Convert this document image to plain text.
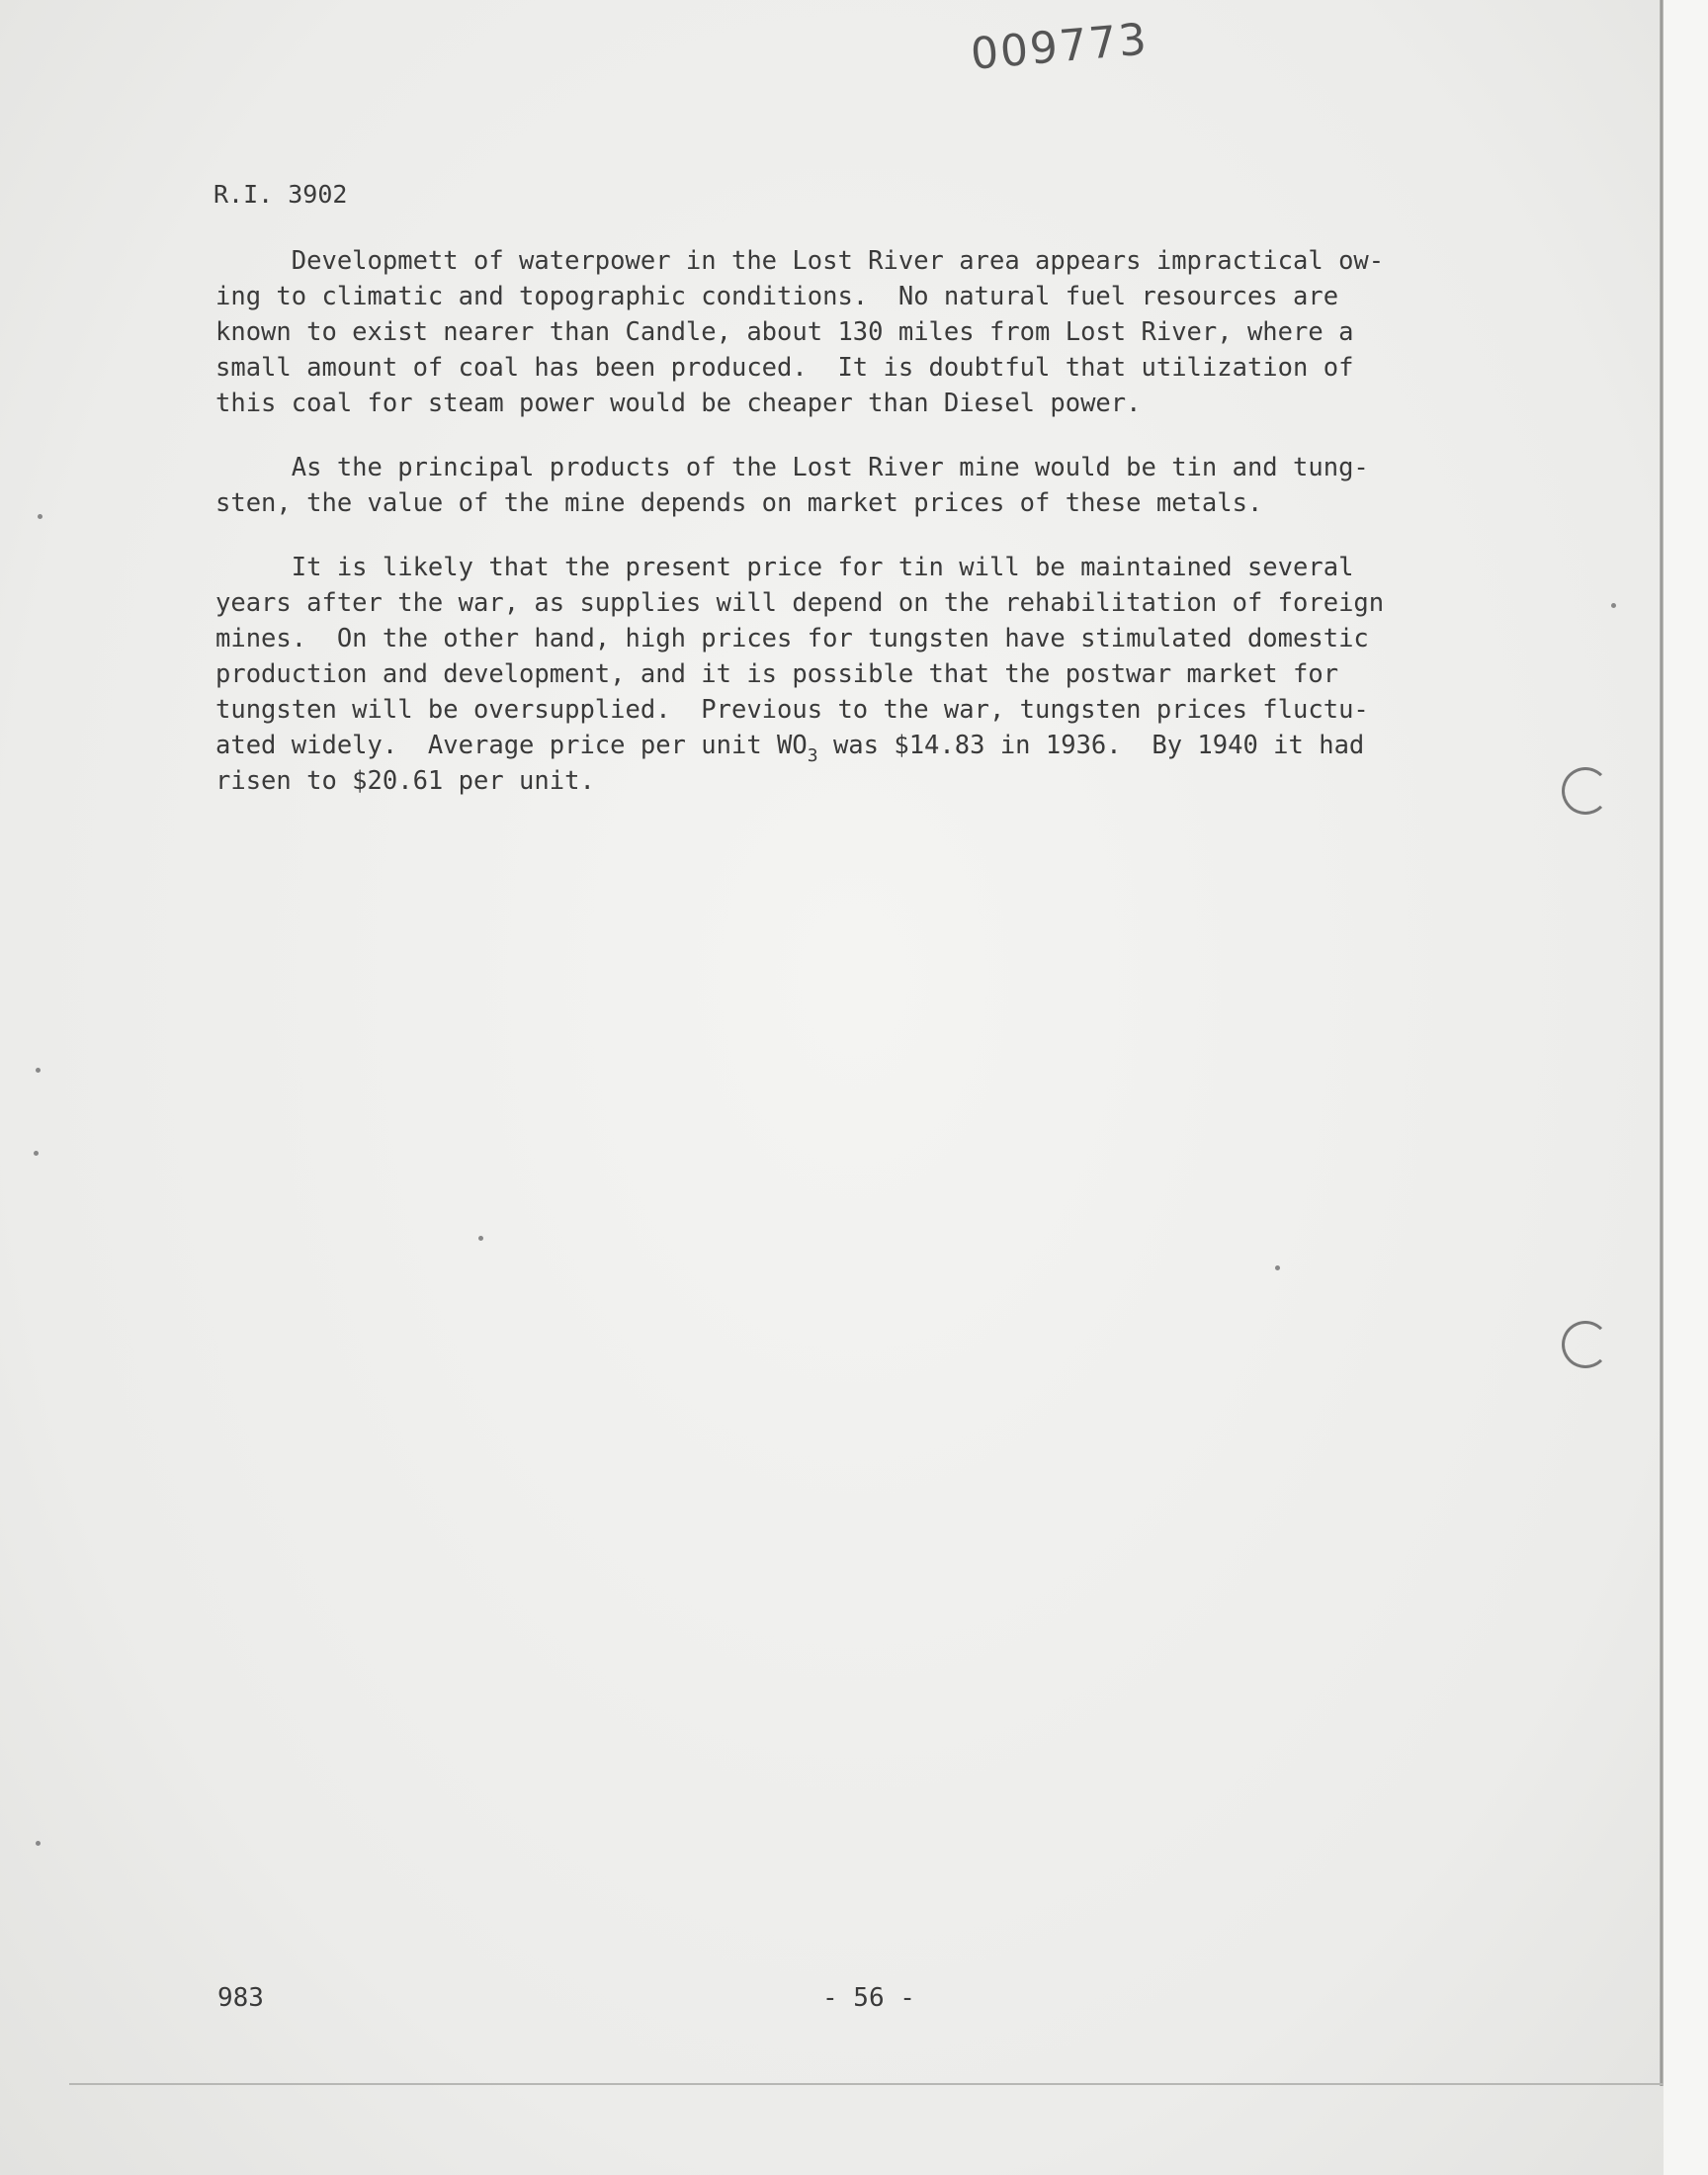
009773
R.I. 3902
Developmett of waterpower in the Lost River area appears impractical ow-
ing to climatic and topographic conditions.  No natural fuel resources are
known to exist nearer than Candle, about 130 miles from Lost River, where a
small amount of coal has been produced.  It is doubtful that utilization of
this coal for steam power would be cheaper than Diesel power.
As the principal products of the Lost River mine would be tin and tung-
sten, the value of the mine depends on market prices of these metals.
It is likely that the present price for tin will be maintained several
years after the war, as supplies will depend on the rehabilitation of foreign
mines.  On the other hand, high prices for tungsten have stimulated domestic
production and development, and it is possible that the postwar market for
tungsten will be oversupplied.  Previous to the war, tungsten prices fluctu-
ated widely.  Average price per unit $WO_3$ was $14.83 in 1936.  By 1940 it had
risen to $20.61 per unit.
983	- 56 -
